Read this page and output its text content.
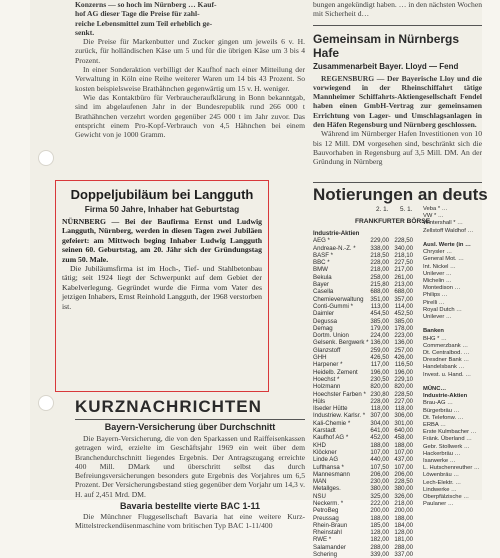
Konzerns — so hoch im Nürnberg … Kauf-
hof AG dieser Tage die Preise für zahl-
reiche Lebensmittel zum Teil erheblich ge-
senkt.

Die Preise für Markenbutter und Zucker gingen um jeweils 6 v. H. zurück, für holländischen Käse um 5 und für die übrigen Käse um 3 bis 4 Prozent.

In einer Sonderaktion verbilligt der Kaufhof nach einer Mitteilung der Verwaltung in Köln eine Reihe weiterer Waren um 14 bis 43 Prozent. So kosten beispielsweise Brathähnchen gegenwärtig um 15 v. H. weniger.

Wie das Kontaktbüro für Verbraucheraufklärung in Bonn bekanntgab, sind im abgelaufenen Jahr in der Bundesrepublik rund 266 000 t Brathähnchen verzehrt worden gegenüber 245 000 t im Jahr zuvor. Das entspricht einem Pro-Kopf-Verbrauch von 4,5 Hähnchen bei einem Gewicht von je 1000 Gramm.

Doppeljubiläum bei Langguth
Firma 50 Jahre, Inhaber hat Geburtstag

NÜRNBERG — Bei der Baufirma Ernst und Ludwig Langguth, Nürnberg, werden in diesen Tagen zwei Jubiläen gefeiert: am Mittwoch beging Inhaber Ludwig Langguth seinen 60. Geburtstag, am 20. Jähr sich der Gründungstag zum 50. Male.

Die Jubiläumsfirma ist im Hoch-, Tief- und Stahlbetonbau tätig; seit 1924 liegt der Schwerpunkt auf dem Gebiet der Kabelverlegung. Gegründet wurde die Firma vom Vater des jetzigen Inhabers, Ernst Reinhold Langguth, der 1968 verstorben ist.

KURZNACHRICHTEN
Bayern-Versicherung über Durchschnitt

Die Bayern-Versicherung, die von den Sparkassen und Raiffeisenkassen getragen wird, erzielte im Geschäftsjahr 1969 ein weit über dem Branchendurchschnitt liegendes Ergebnis. Der Antragszugang erreichte 400 Mill. DMark und überschritt selbst das durch Befreiungsversicherungen besonders gute Ergebnis des Vorjahres um 6,5 Prozent. Der Versicherungsbestand stieg gegenüber dem Vorjahr um 14,3 v. H. auf 2,451 Mrd. DM.

Bavaria bestellte vierte BAC 1-11

Die Münchner Fluggesellschaft Bavaria hat eine weitere Kurz-Mittelstreckendüsenmaschine vom britischen Typ BAC 1-11/400

bungen angekündigt haben. … in den nächsten Wochen mit Sicherheit d…
Gemeinsam in Nürnbergs Hafe
Zusammenarbeit Bayer. Lloyd — Fend

REGENSBURG — Der Bayerische Lloy und die vorwiegend in der Rheinschiffahrt tätige Mannheimer Schiffahrts-Aktiengesellschaft Fendel haben einen GmbH-Vertrag zur gemeinsamen Errichtung von Lager- und Umschlagsanlagen in den Häfen Regensburg und Nürnberg geschlossen.

Während im Nürnberger Hafen Investitionen von 10 bis 12 Mill. DM vorgesehen sind, beschränkt sich die Bauvorhaben in Regensburg auf 3,5 Mill. DM. An der Gründung in Nürnberg

Notierungen an deuts
2. 1. 5. 1.
FRANKFURTER BÖRSE
Industrie-Aktien
AEG *	229,00 228,50
Andreae-N.-Z. *	338,00 340,00
BASF *	218,50 218,10
BBC *	228,00 227,50
BMW	218,00 217,00
Bekula	258,00 261,00
Bayer	215,80 213,00
Casella	688,00 688,00
Chemieverwaltung	351,00 357,00
Conti-Gummi *	113,00 114,00
Daimler	454,50 452,50
Degussa	385,00 385,00
Demag	179,00 178,00
Dortm. Union	224,00 223,00
Gelsenk. Bergwerk * 136,00 136,00
Glanzstoff	259,00 257,00
GHH	426,50 426,00
Harpener *	117,00 116,50
Heidelb. Zement	196,00 196,00
Hoechst *	230,50 229,10
Holzmann	820,00 820,00
Hoechster Farben * 230,80 228,50
Hüls	228,00 227,00
Ilseder Hütte	118,00 118,00
Industriew. Karlsr. * 307,00 306,00
Kali-Chemie *	304,00 301,00
Karstadt	641,00 640,00
Kaufhof AG *	452,00 458,00
KHD	188,00 188,00
Klöckner	107,00 107,00
Linde AG	440,00 437,00
Lufthansa *	107,50 107,00
Mannesmann	206,00 206,00
MAN	230,00 228,50
Metallges.	380,00 380,00
NSU	325,00 326,00
Neckerm. *	222,00 218,00
PetroBeg	200,00 200,00
Preussag	188,00 188,00
Rhein-Braun	185,00 184,00
Rheinstahl	128,00 128,00
RWE *	182,00 181,00
Salamander	288,00 288,00
Schering	339,00 337,00
Veba * …
VW * …
Wintershall * …
Zellstoff Waldhof …
Ausl. Werte (in …
Chrysler …
General Mot. …
Int. Nickel …
Unilever …
Michelin …
Montedison …
Philips …
Pirelli …
Royal Dutch …
Unilever …
Banken
BHG * …
Commerzbank …
Dt. Centralbod. …
Dresdner Bank …
Handelsbank …
Invest. u. Hand. …
MÜNC…
Industrie-Aktien
Brau-AG …
Bürgerbräu …
Dt. Telefonw. …
ERBA …
Erste Kulmbacher …
Fränk. Überland …
Gebr. Stollwerk …
Hackerbräu …
Isarwerke …
L. Hutschenreuther …
Löwenbräu …
Lech-Elektr. …
Lindwerke …
Oberpfälzische …
Paulaner …
